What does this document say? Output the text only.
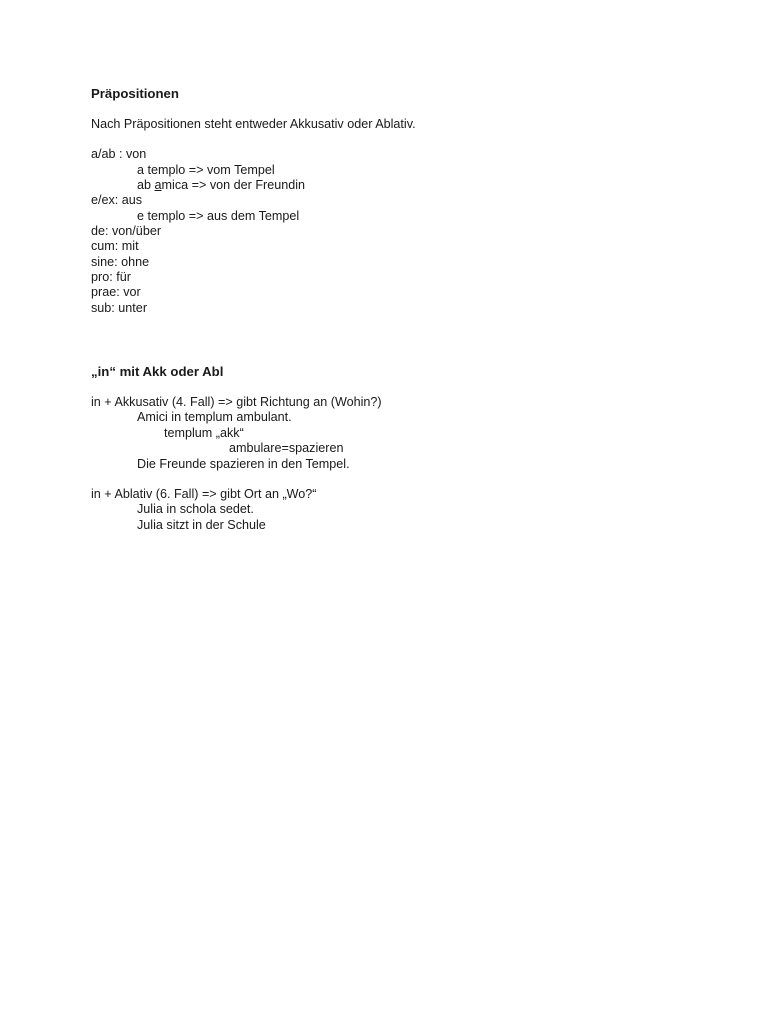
Präpositionen
Nach Präpositionen steht entweder Akkusativ oder Ablativ.
a/ab : von
a templo => vom Tempel
ab amica => von der Freundin
e/ex: aus
e templo => aus dem Tempel
de: von/über
cum: mit
sine: ohne
pro: für
prae: vor
sub: unter
„in“ mit Akk oder Abl
in + Akkusativ (4. Fall) => gibt Richtung an (Wohin?)
Amici in templum ambulant.
templum „akk“
ambulare=spazieren
Die Freunde spazieren in den Tempel.
in + Ablativ (6. Fall) => gibt Ort an „Wo?“
Julia in schola sedet.
Julia sitzt in der Schule
